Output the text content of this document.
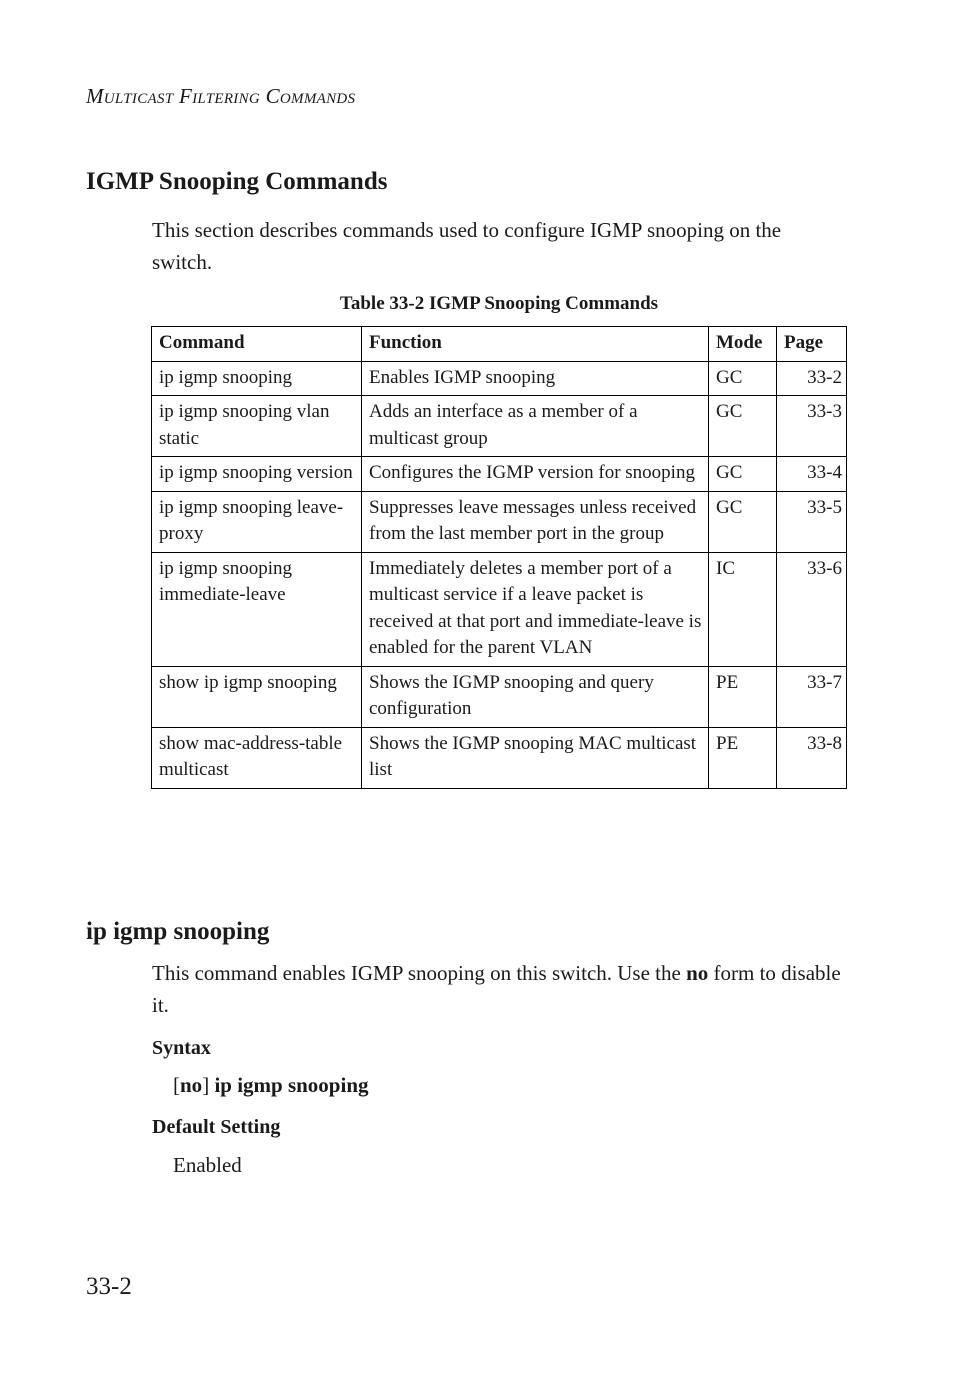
Multicast Filtering Commands
IGMP Snooping Commands

This section describes commands used to configure IGMP snooping on the switch.

Table 33-2 IGMP Snooping Commands
Command	Function	Mode	Page
ip igmp snooping	Enables IGMP snooping	GC	33-2
ip igmp snooping vlan static	Adds an interface as a member of a multicast group	GC	33-3
ip igmp snooping version	Configures the IGMP version for snooping	GC	33-4
ip igmp snooping leave-proxy	Suppresses leave messages unless received from the last member port in the group	GC	33-5
ip igmp snooping immediate-leave	Immediately deletes a member port of a multicast service if a leave packet is received at that port and immediate-leave is enabled for the parent VLAN	IC	33-6
show ip igmp snooping	Shows the IGMP snooping and query configuration	PE	33-7
show mac-address-table multicast	Shows the IGMP snooping MAC multicast list	PE	33-8
ip igmp snooping

This command enables IGMP snooping on this switch. Use the no form to disable it.

Syntax
[no] ip igmp snooping
Default Setting
Enabled
33-2
